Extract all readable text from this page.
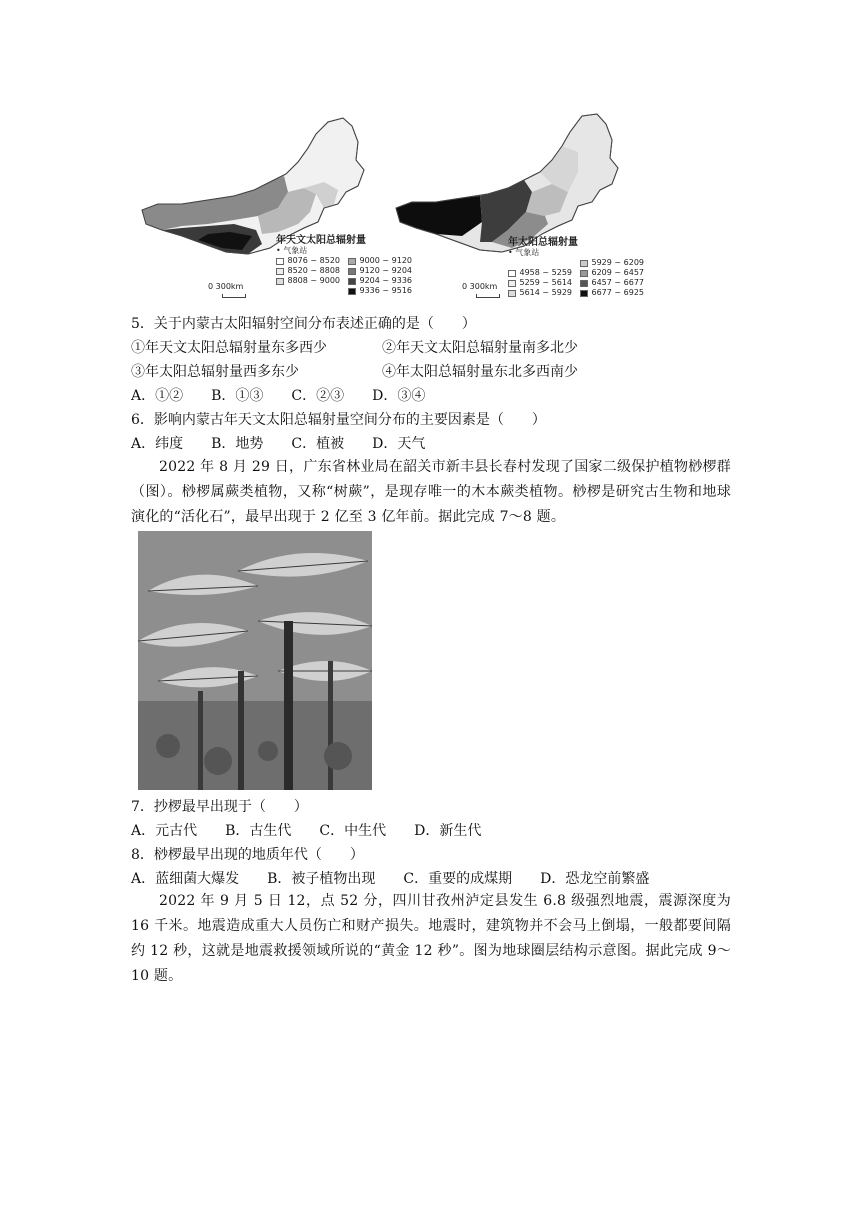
年天文太阳总辐射量
• 气象站
8076 ~ 8520 9000 ~ 9120
8520 ~ 8808 9120 ~ 9204
8808 ~ 9000 9204 ~ 9336
9336 ~ 9516
0 300km
年太阳总辐射量
• 气象站
5929 ~ 6209
4958 ~ 5259 6209 ~ 6457
5259 ~ 5614 6457 ~ 6677
5614 ~ 5929 6677 ~ 6925
0 300km
5．关于内蒙古太阳辐射空间分布表述正确的是（　　）
①年天文太阳总辐射量东多西少	②年天文太阳总辐射量南多北少
③年太阳总辐射量西多东少	④年太阳总辐射量东北多西南少
A．①②　　B．①③　　C．②③　　D．③④
6．影响内蒙古年天文太阳总辐射量空间分布的主要因素是（　　）
A．纬度　　B．地势　　C．植被　　D．天气
2022 年 8 月 29 日，广东省林业局在韶关市新丰县长春村发现了国家二级保护植物桫椤群（图）。桫椤属蕨类植物，又称“树蕨”，是现存唯一的木本蕨类植物。桫椤是研究古生物和地球演化的“活化石”，最早出现于 2 亿至 3 亿年前。据此完成 7～8 题。
7．抄椤最早出现于（　　）
A．元古代　　B．古生代　　C．中生代　　D．新生代
8．桫椤最早出现的地质年代（　　）
A．蓝细菌大爆发　　B．被子植物出现　　C．重要的成煤期　　D．恐龙空前繁盛
2022 年 9 月 5 日 12，点 52 分，四川甘孜州泸定县发生 6.8 级强烈地震，震源深度为 16 千米。地震造成重大人员伤亡和财产损失。地震时，建筑物并不会马上倒塌，一般都要间隔约 12 秒，这就是地震救援领域所说的“黄金 12 秒”。图为地球圈层结构示意图。据此完成 9～10 题。
